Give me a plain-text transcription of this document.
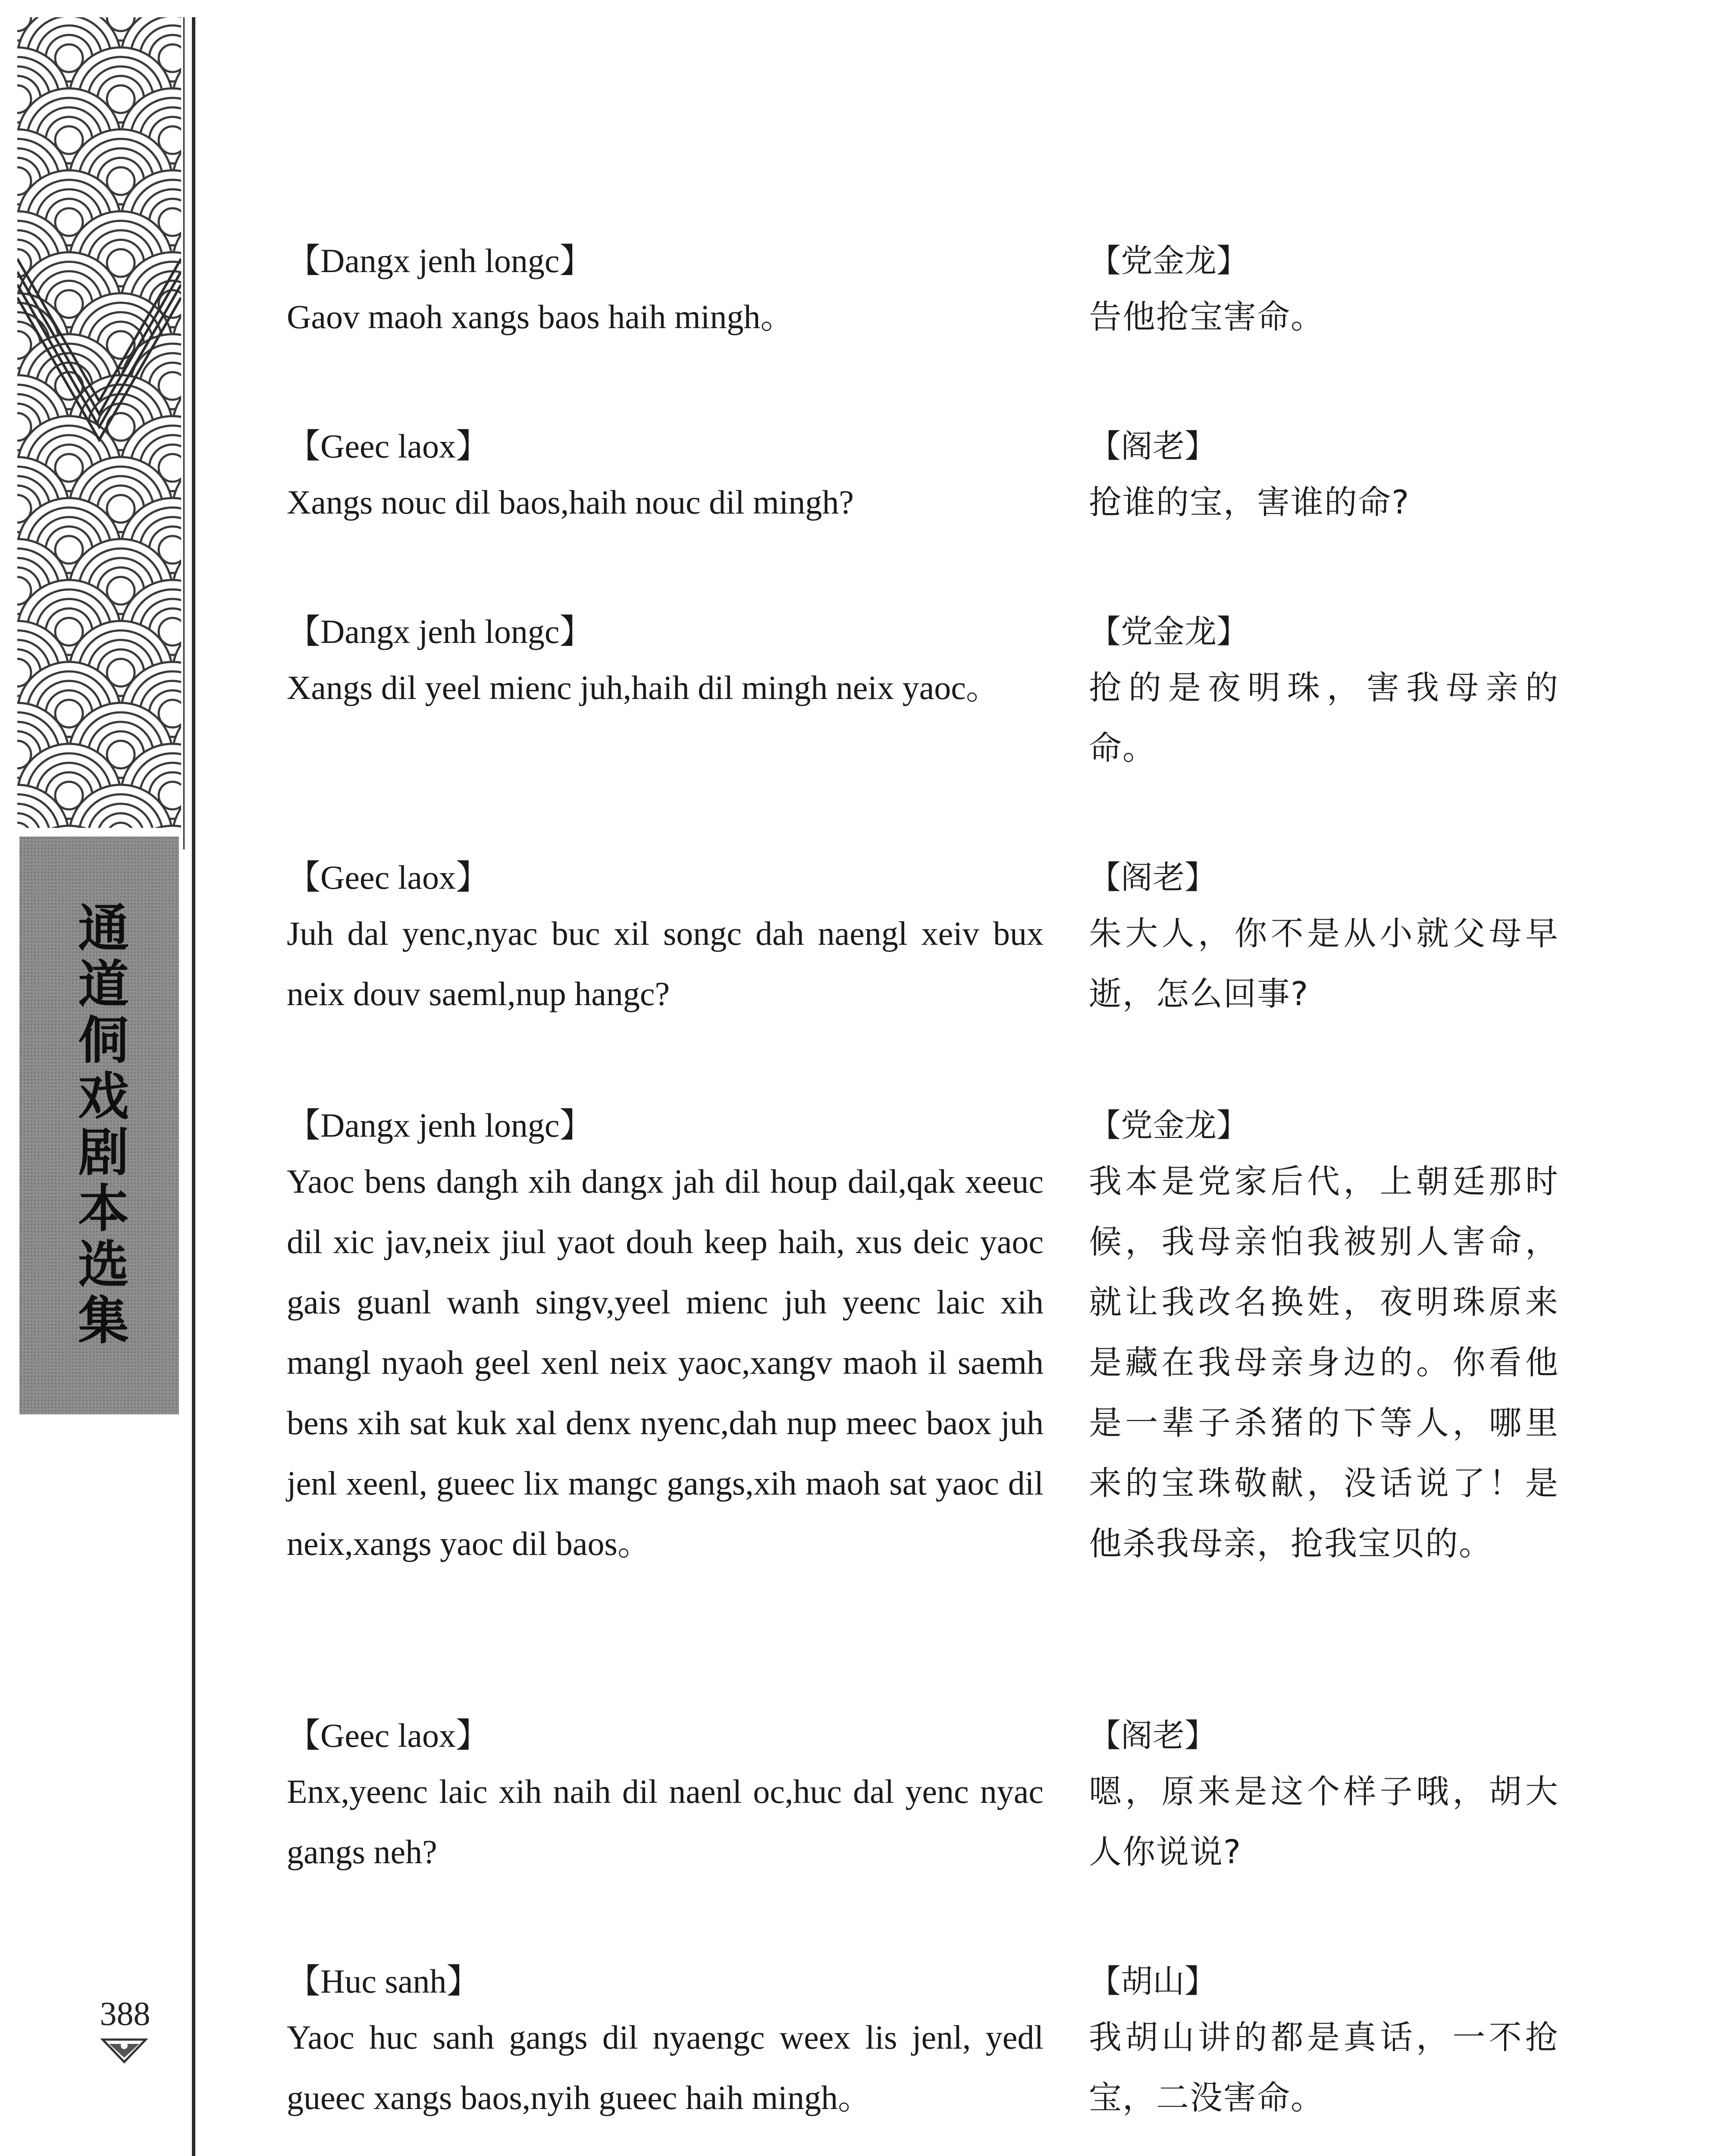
通道侗戏剧本选集
388
【Dangx jenh longc】
Gaov maoh xangs baos haih mingh。
【党金龙】
告他抢宝害命。
【Geec laox】
Xangs nouc dil baos,haih nouc dil mingh?
【阁老】
抢谁的宝，害谁的命?
【Dangx jenh longc】
Xangs dil yeel mienc juh,haih dil mingh neix yaoc。
【党金龙】
抢的是夜明珠，害我母亲的命。
【Geec laox】
Juh dal yenc,nyac buc xil songc dah naengl xeiv bux neix douv saeml,nup hangc?
【阁老】
朱大人，你不是从小就父母早逝，怎么回事?
【Dangx jenh longc】
Yaoc bens dangh xih dangx jah dil houp dail,qak xeeuc dil xic jav,neix jiul yaot douh keep haih, xus deic yaoc gais guanl wanh singv,yeel mienc juh yeenc laic xih mangl nyaoh geel xenl neix yaoc,xangv maoh il saemh bens xih sat kuk xal denx nyenc,dah nup meec baox juh jenl xeenl, gueec lix mangc gangs,xih maoh sat yaoc dil neix,xangs yaoc dil baos。
【党金龙】
我本是党家后代，上朝廷那时候，我母亲怕我被别人害命，就让我改名换姓，夜明珠原来是藏在我母亲身边的。你看他是一辈子杀猪的下等人，哪里来的宝珠敬献，没话说了！是他杀我母亲，抢我宝贝的。
【Geec laox】
Enx,yeenc laic xih naih dil naenl oc,huc dal yenc nyac gangs neh?
【阁老】
嗯，原来是这个样子哦，胡大人你说说?
【Huc sanh】
Yaoc huc sanh gangs dil nyaengc weex lis jenl, yedl gueec xangs baos,nyih gueec haih mingh。
【胡山】
我胡山讲的都是真话，一不抢宝，二没害命。
